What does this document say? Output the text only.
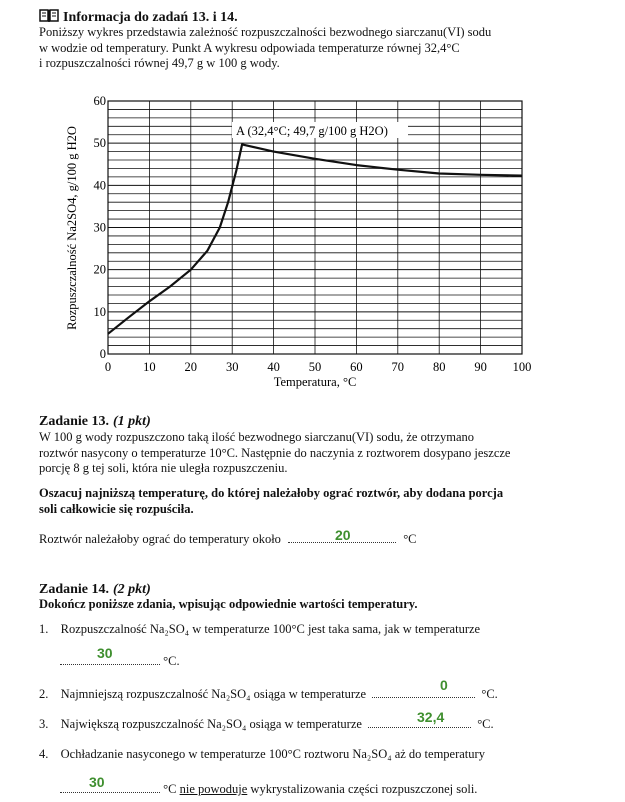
Informacja do zadań 13. i 14.
Poniższy wykres przedstawia zależność rozpuszczalności bezwodnego siarczanu(VI) sodu
w wodzie od temperatury. Punkt A wykresu odpowiada temperaturze równej 32,4°C
i rozpuszczalności równej 49,7 g w 100 g wody.
0	10 20 30 40 50 60 70 80 90 100
0
10
20
30
40
50
60
A (32,4°C; 49,7 g/100 g H2O)
Temperatura, °C
Rozpuszczalność Na2SO4, g/100 g H2O
Zadanie 13. (1 pkt)
W 100 g wody rozpuszczono taką ilość bezwodnego siarczanu(VI) sodu, że otrzymano
roztwór nasycony o temperaturze 10°C. Następnie do naczynia z roztworem dosypano jeszcze
porcję 8 g tej soli, która nie uległa rozpuszczeniu.
Oszacuj najniższą temperaturę, do której należałoby ograć roztwór, aby dodana porcja
soli całkowicie się rozpuściła.
Roztwór należałoby ograć do temperatury około	°C
20
Zadanie 14. (2 pkt)
Dokończ poniższe zdania, wpisując odpowiednie wartości temperatury.
1. Rozpuszczalność Na₂SO₄ w temperaturze 100°C jest taka sama, jak w temperaturze
°C.
30
2. Najmniejszą rozpuszczalność Na₂SO₄ osiąga w temperaturze	°C.
0
3. Największą rozpuszczalność Na₂SO₄ osiąga w temperaturze	°C.
32,4
4. Ochładzanie nasyconego w temperaturze 100°C roztworu Na₂SO₄ aż do temperatury
°C nie powoduje wykrystalizowania części rozpuszczonej soli.
30
